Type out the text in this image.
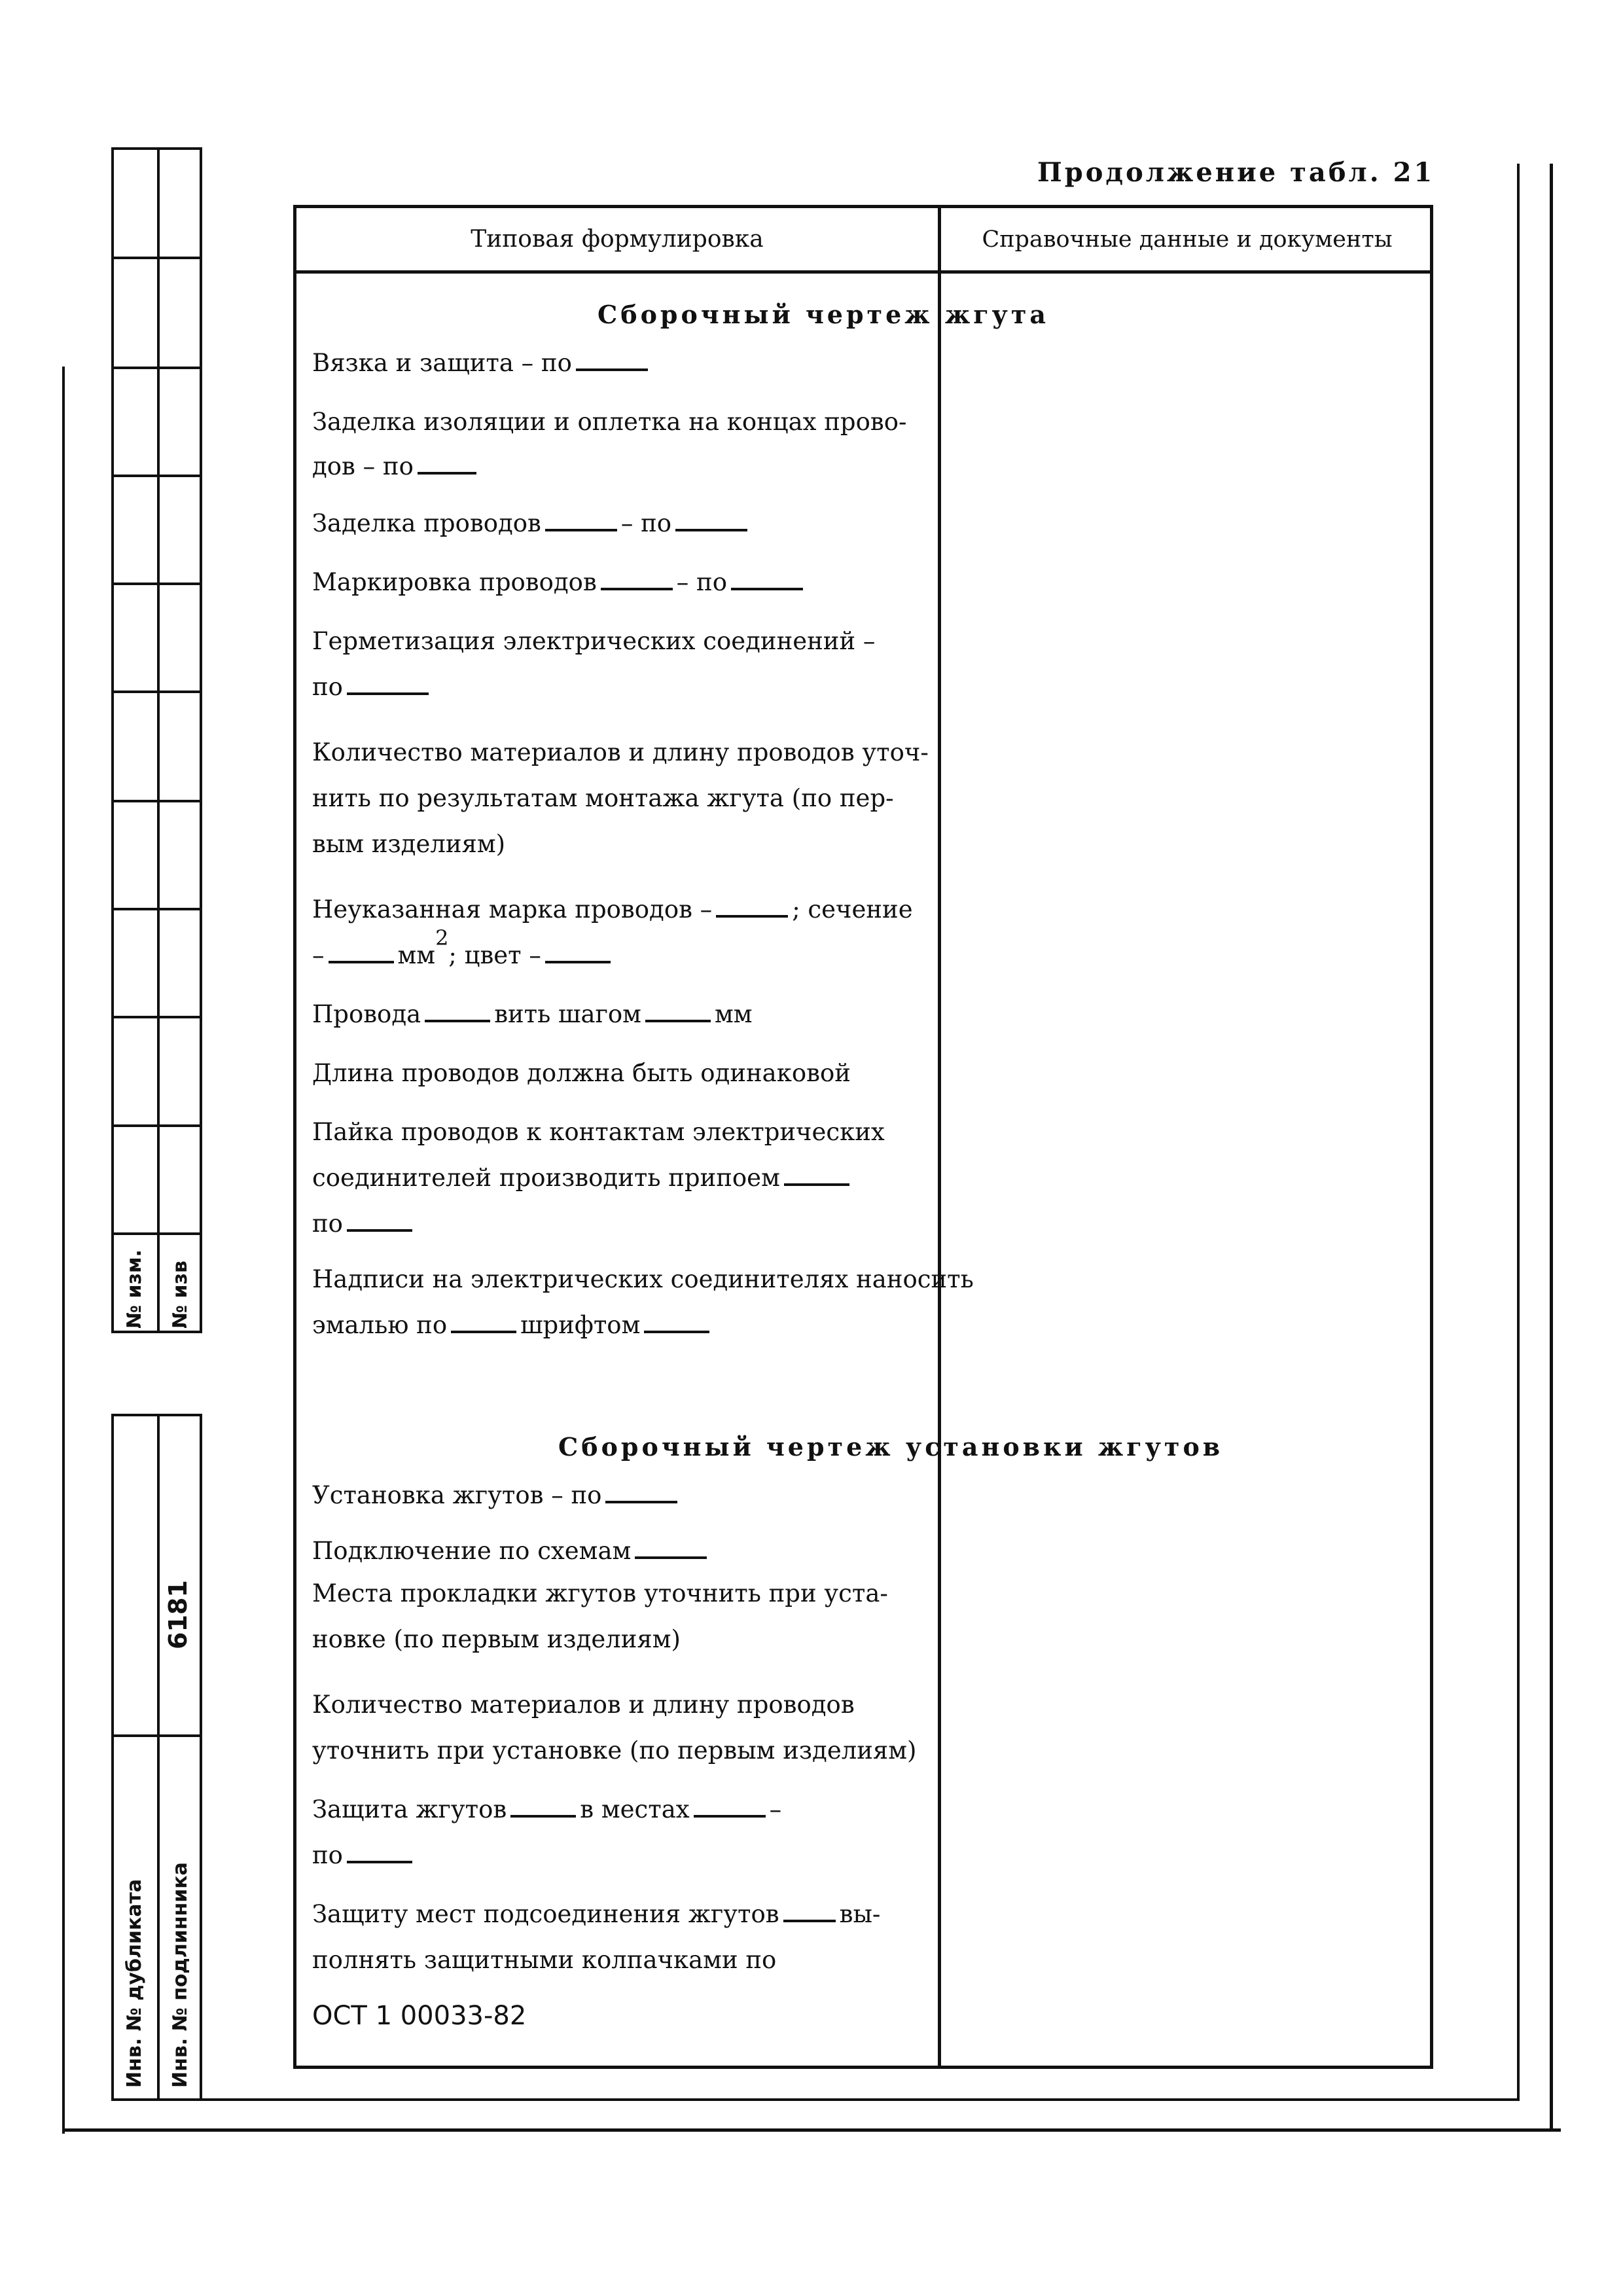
№ изм. № изв
6181
Инв. № дубликата Инв. № подлинника
Продолжение табл. 21
Типовая формулировка	Справочные данные и документы
Сборочный чертеж жгута
Вязка и защита – по
Заделка изоляции и оплетка на концах прово-
дов – по
Заделка проводов	– по
Маркировка проводов	– по
Герметизация электрических соединений –
по
Количество материалов и длину проводов уточ-
нить по результатам монтажа жгута (по пер-
вым изделиям)
Неуказанная марка проводов –	; сечение
–	мм2; цвет –
Провода	вить шагом	мм
Длина проводов должна быть одинаковой
Пайка проводов к контактам электрических
соединителей производить припоем
по
Надписи на электрических соединителях наносить
эмалью по	шрифтом
Сборочный чертеж установки жгутов
Установка жгутов – по
Подключение по схемам
Места прокладки жгутов уточнить при уста-
новке (по первым изделиям)
Количество материалов и длину проводов
уточнить при установке (по первым изделиям)
Защита жгутов	в местах	–
по
Защиту мест подсоединения жгутов вы-
полнять защитными колпачками по
ОСТ 1 00033-82
